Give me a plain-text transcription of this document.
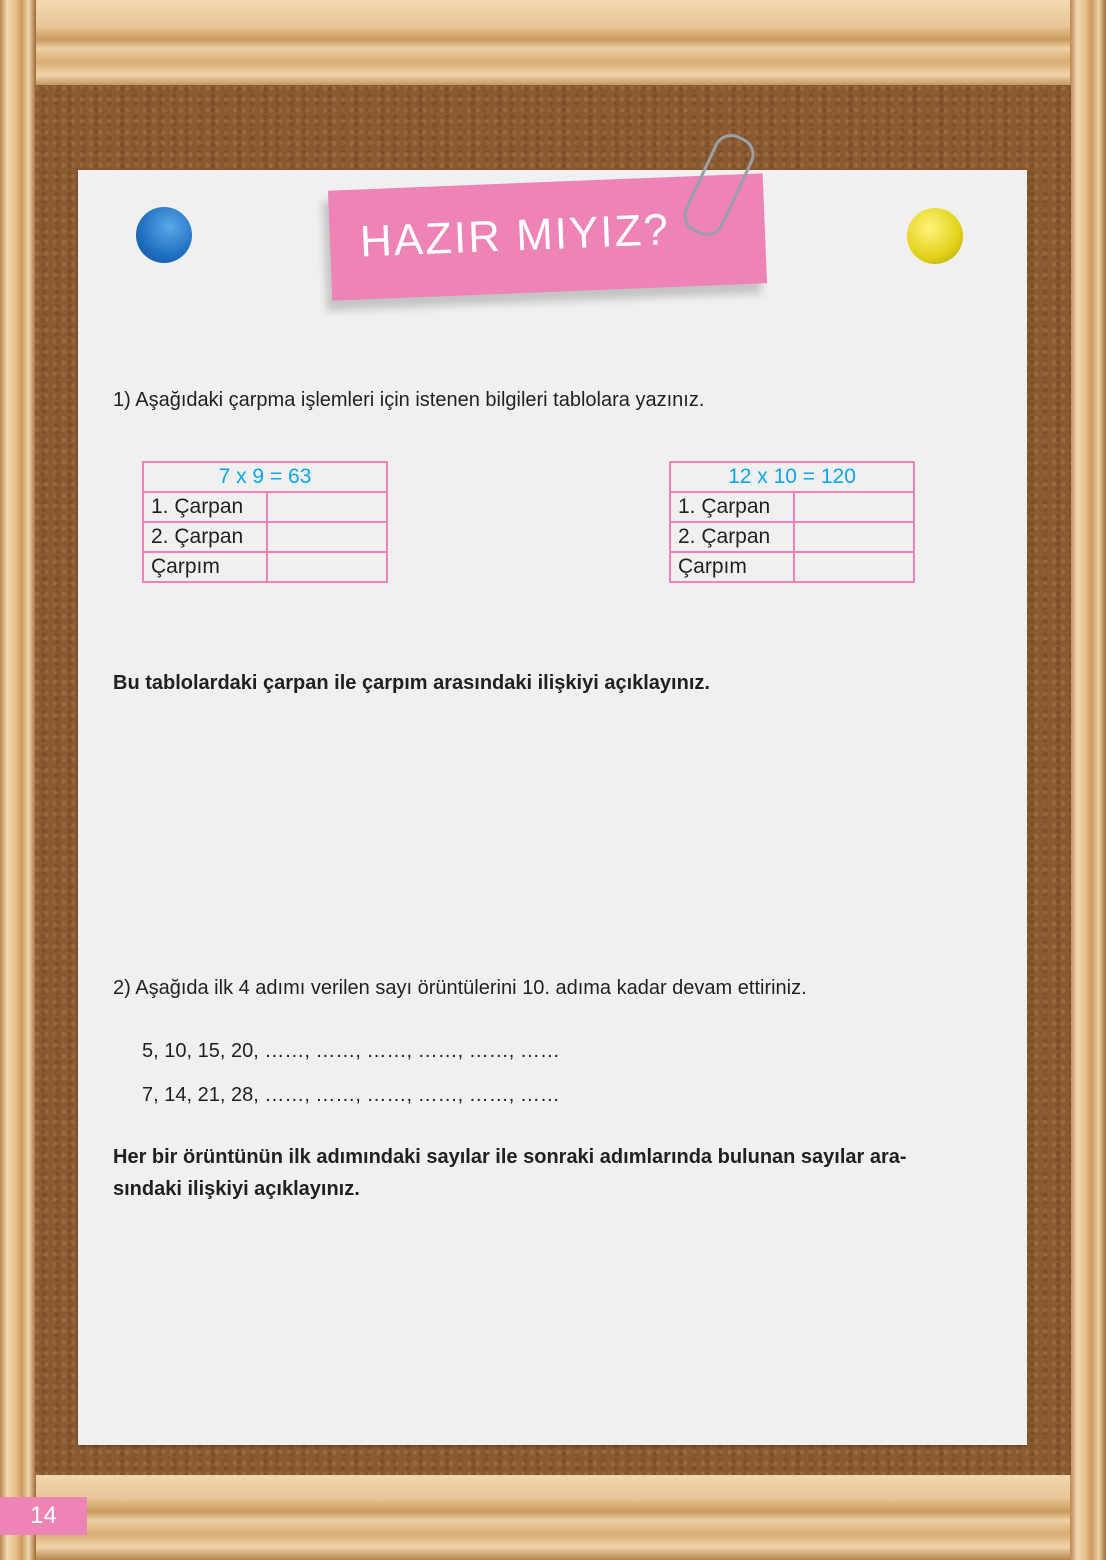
HAZIR MIYIZ?
1) Aşağıdaki çarpma işlemleri için istenen bilgileri tablolara yazınız.
7 x 9 = 63	
1. Çarpan	
2. Çarpan	
Çarpım	
12 x 10 = 120	
1. Çarpan	
2. Çarpan	
Çarpım	
Bu tablolardaki çarpan ile çarpım arasındaki ilişkiyi açıklayınız.
2) Aşağıda ilk 4 adımı verilen sayı örüntülerini 10. adıma kadar devam ettiriniz.
5, 10, 15, 20, ……, ……, ……, ……, ……, ……
7, 14, 21, 28, ……, ……, ……, ……, ……, ……
Her bir örüntünün ilk adımındaki sayılar ile sonraki adımlarında bulunan sayılar ara-
sındaki ilişkiyi açıklayınız.
14
